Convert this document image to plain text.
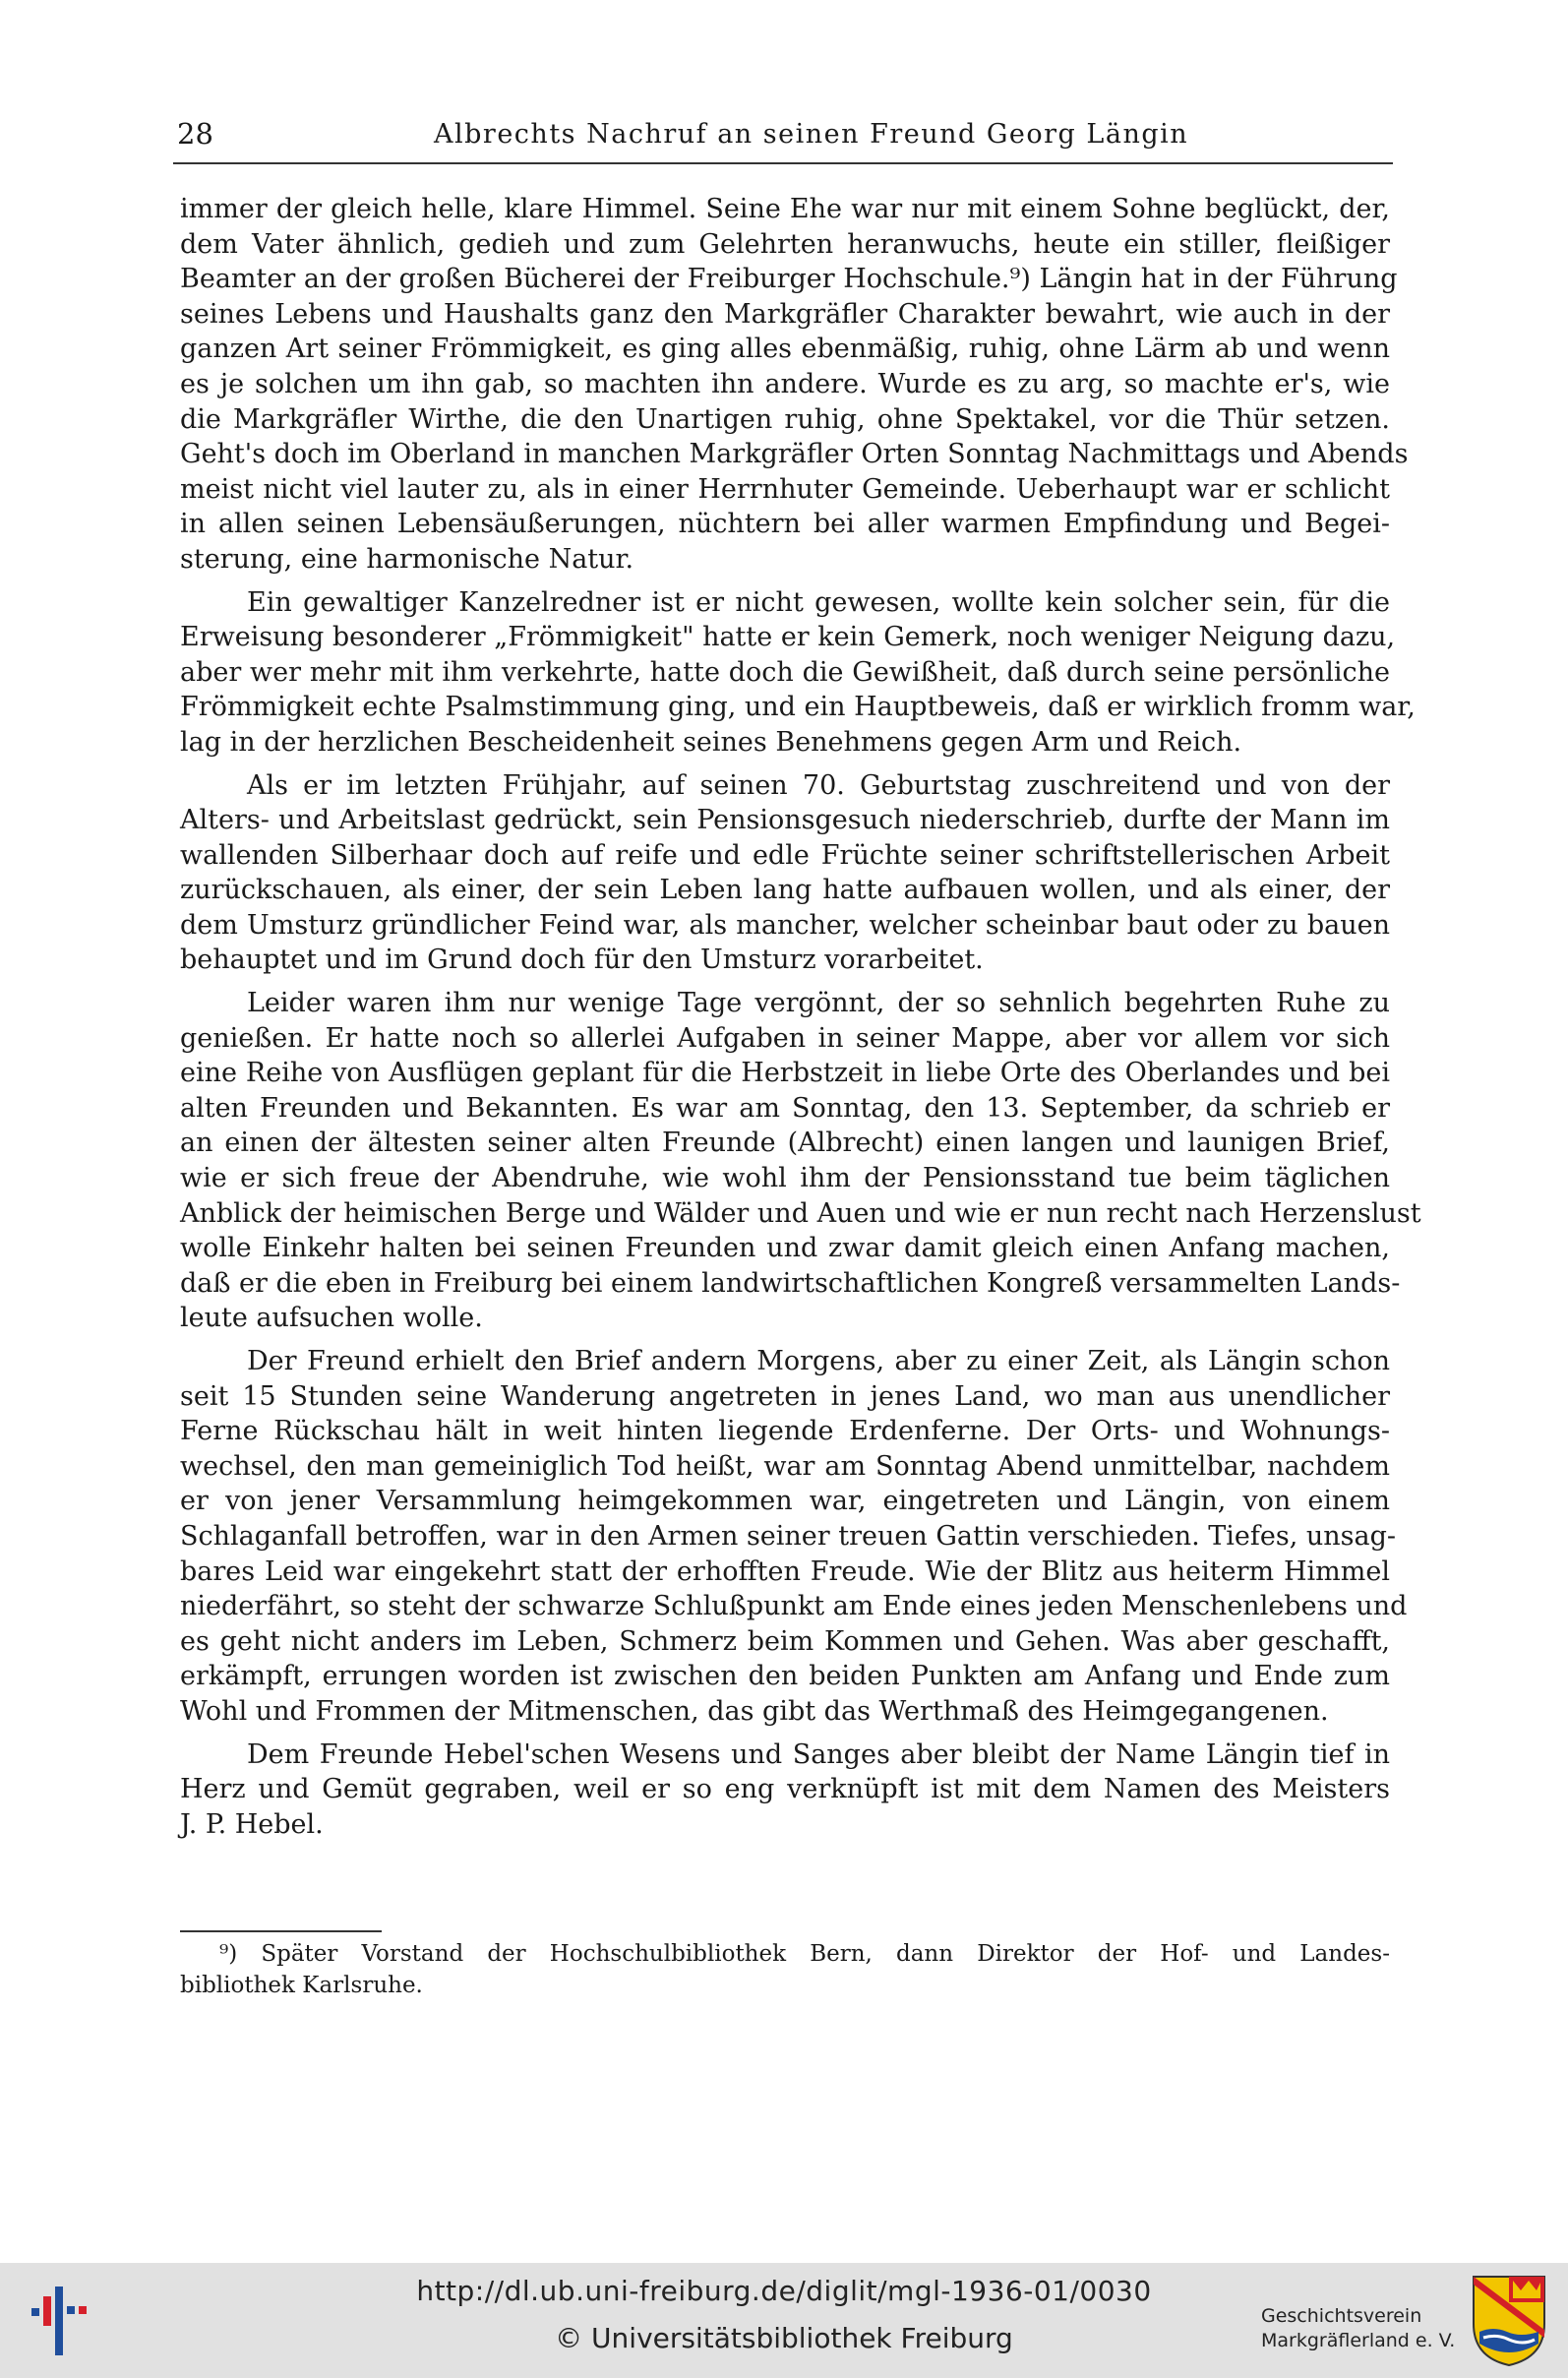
28	Albrechts Nachruf an seinen Freund Georg Längin
immer der gleich helle, klare Himmel. Seine Ehe war nur mit einem Sohne beglückt, der,
dem Vater ähnlich, gedieh und zum Gelehrten heranwuchs, heute ein stiller, fleißiger
Beamter an der großen Bücherei der Freiburger Hochschule.⁹) Längin hat in der Führung
seines Lebens und Haushalts ganz den Markgräfler Charakter bewahrt, wie auch in der
ganzen Art seiner Frömmigkeit, es ging alles ebenmäßig, ruhig, ohne Lärm ab und wenn
es je solchen um ihn gab, so machten ihn andere. Wurde es zu arg, so machte er's, wie
die Markgräfler Wirthe, die den Unartigen ruhig, ohne Spektakel, vor die Thür setzen.
Geht's doch im Oberland in manchen Markgräfler Orten Sonntag Nachmittags und Abends
meist nicht viel lauter zu, als in einer Herrnhuter Gemeinde. Ueberhaupt war er schlicht
in allen seinen Lebensäußerungen, nüchtern bei aller warmen Empfindung und Begei-
sterung, eine harmonische Natur.
Ein gewaltiger Kanzelredner ist er nicht gewesen, wollte kein solcher sein, für die
Erweisung besonderer „Frömmigkeit" hatte er kein Gemerk, noch weniger Neigung dazu,
aber wer mehr mit ihm verkehrte, hatte doch die Gewißheit, daß durch seine persönliche
Frömmigkeit echte Psalmstimmung ging, und ein Hauptbeweis, daß er wirklich fromm war,
lag in der herzlichen Bescheidenheit seines Benehmens gegen Arm und Reich.
Als er im letzten Frühjahr, auf seinen 70. Geburtstag zuschreitend und von der
Alters- und Arbeitslast gedrückt, sein Pensionsgesuch niederschrieb, durfte der Mann im
wallenden Silberhaar doch auf reife und edle Früchte seiner schriftstellerischen Arbeit
zurückschauen, als einer, der sein Leben lang hatte aufbauen wollen, und als einer, der
dem Umsturz gründlicher Feind war, als mancher, welcher scheinbar baut oder zu bauen
behauptet und im Grund doch für den Umsturz vorarbeitet.
Leider waren ihm nur wenige Tage vergönnt, der so sehnlich begehrten Ruhe zu
genießen. Er hatte noch so allerlei Aufgaben in seiner Mappe, aber vor allem vor sich
eine Reihe von Ausflügen geplant für die Herbstzeit in liebe Orte des Oberlandes und bei
alten Freunden und Bekannten. Es war am Sonntag, den 13. September, da schrieb er
an einen der ältesten seiner alten Freunde (Albrecht) einen langen und launigen Brief,
wie er sich freue der Abendruhe, wie wohl ihm der Pensionsstand tue beim täglichen
Anblick der heimischen Berge und Wälder und Auen und wie er nun recht nach Herzenslust
wolle Einkehr halten bei seinen Freunden und zwar damit gleich einen Anfang machen,
daß er die eben in Freiburg bei einem landwirtschaftlichen Kongreß versammelten Lands-
leute aufsuchen wolle.
Der Freund erhielt den Brief andern Morgens, aber zu einer Zeit, als Längin schon
seit 15 Stunden seine Wanderung angetreten in jenes Land, wo man aus unendlicher
Ferne Rückschau hält in weit hinten liegende Erdenferne. Der Orts- und Wohnungs-
wechsel, den man gemeiniglich Tod heißt, war am Sonntag Abend unmittelbar, nachdem
er von jener Versammlung heimgekommen war, eingetreten und Längin, von einem
Schlaganfall betroffen, war in den Armen seiner treuen Gattin verschieden. Tiefes, unsag-
bares Leid war eingekehrt statt der erhofften Freude. Wie der Blitz aus heiterm Himmel
niederfährt, so steht der schwarze Schlußpunkt am Ende eines jeden Menschenlebens und
es geht nicht anders im Leben, Schmerz beim Kommen und Gehen. Was aber geschafft,
erkämpft, errungen worden ist zwischen den beiden Punkten am Anfang und Ende zum
Wohl und Frommen der Mitmenschen, das gibt das Werthmaß des Heimgegangenen.
Dem Freunde Hebel'schen Wesens und Sanges aber bleibt der Name Längin tief in
Herz und Gemüt gegraben, weil er so eng verknüpft ist mit dem Namen des Meisters
J. P. Hebel.
⁹) Später Vorstand der Hochschulbibliothek Bern, dann Direktor der Hof- und Landes-
bibliothek Karlsruhe.
http://dl.ub.uni-freiburg.de/diglit/mgl-1936-01/0030
© Universitätsbibliothek Freiburg
Geschichtsverein
Markgräflerland e. V.
